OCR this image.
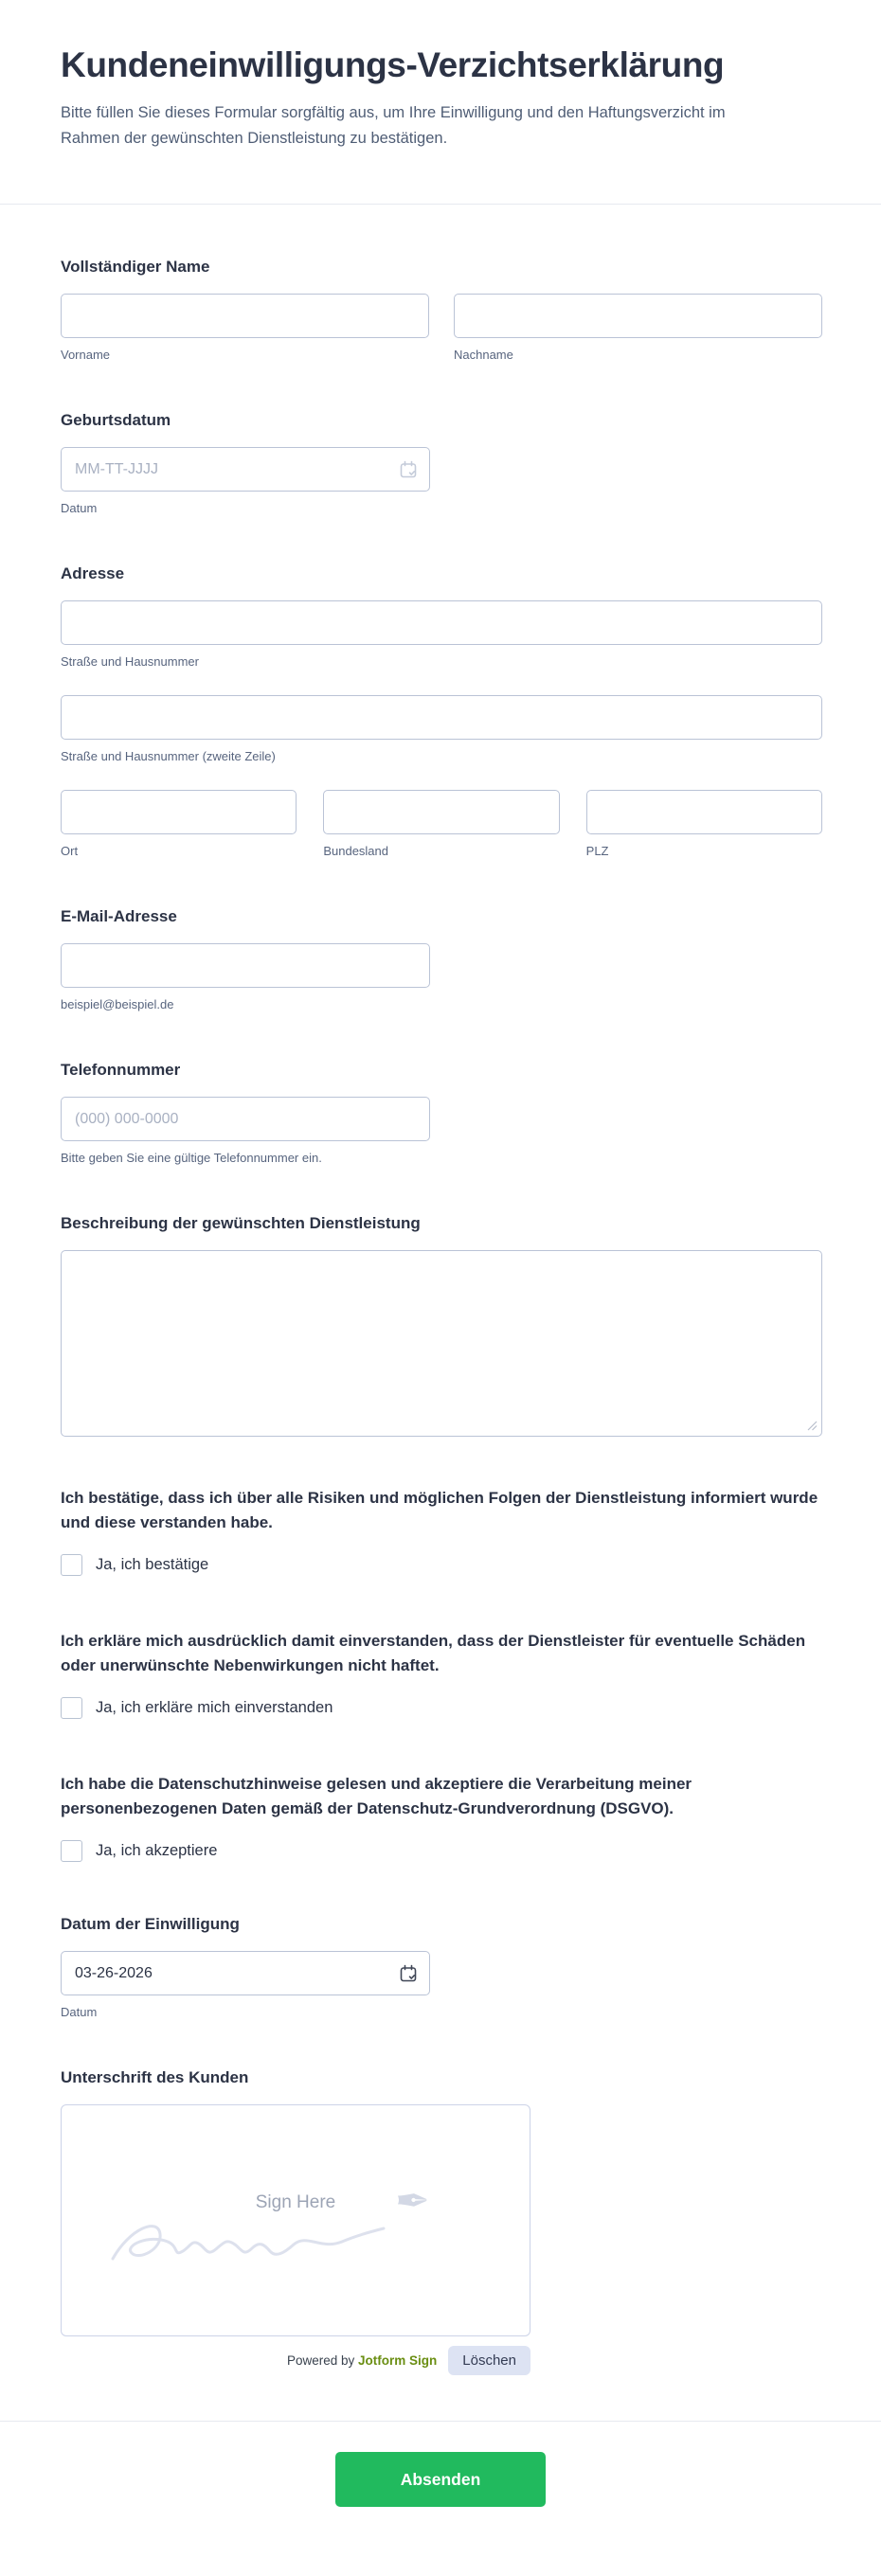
Kundeneinwilligungs-Verzichtserklärung

Bitte füllen Sie dieses Formular sorgfältig aus, um Ihre Einwilligung und den Haftungsverzicht im Rahmen der gewünschten Dienstleistung zu bestätigen.

Vollständiger Name
Vorname	Nachname
Geburtsdatum
MM-TT-JJJJ
Datum
Adresse
Straße und Hausnummer
Straße und Hausnummer (zweite Zeile)
Ort	Bundesland	PLZ
E-Mail-Adresse
beispiel@beispiel.de
Telefonnummer
(000) 000-0000
Bitte geben Sie eine gültige Telefonnummer ein.
Beschreibung der gewünschten Dienstleistung
Ich bestätige, dass ich über alle Risiken und möglichen Folgen der Dienstleistung informiert wurde und diese verstanden habe.
Ja, ich bestätige
Ich erkläre mich ausdrücklich damit einverstanden, dass der Dienstleister für eventuelle Schäden oder unerwünschte Nebenwirkungen nicht haftet.
Ja, ich erkläre mich einverstanden
Ich habe die Datenschutzhinweise gelesen und akzeptiere die Verarbeitung meiner personenbezogenen Daten gemäß der Datenschutz-Grundverordnung (DSGVO).
Ja, ich akzeptiere
Datum der Einwilligung
03-26-2026
Datum
Unterschrift des Kunden
Sign Here	✒
Powered by Jotform Sign	Löschen
Absenden
